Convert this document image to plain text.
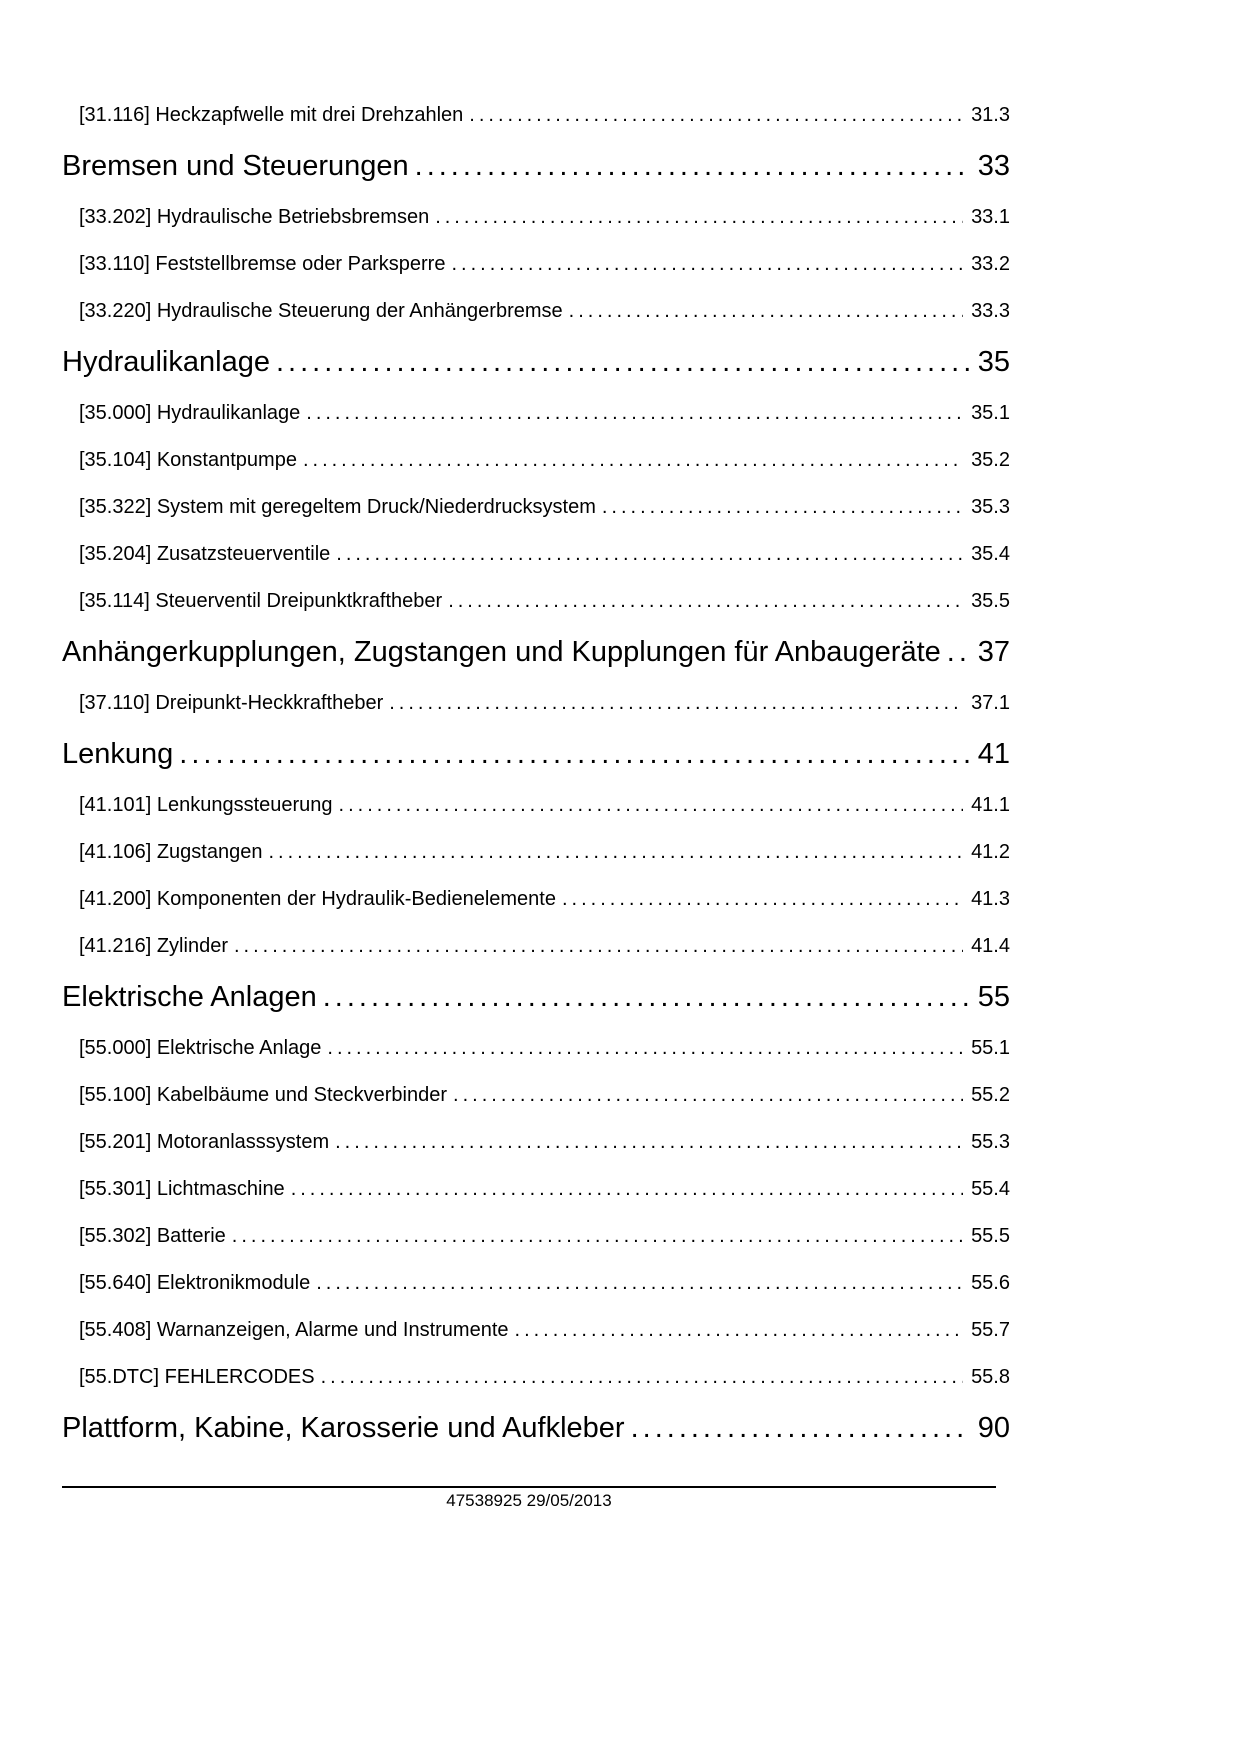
[31.116] Heckzapfwelle mit drei Drehzahlen .....	31.3
Bremsen und Steuerungen .....	33
[33.202] Hydraulische Betriebsbremsen .....	33.1
[33.110] Feststellbremse oder Parksperre .....	33.2
[33.220] Hydraulische Steuerung der Anhängerbremse .....	33.3
Hydraulikanlage .....	35
[35.000] Hydraulikanlage .....	35.1
[35.104] Konstantpumpe .....	35.2
[35.322] System mit geregeltem Druck/Niederdrucksystem .....	35.3
[35.204] Zusatzsteuerventile .....	35.4
[35.114] Steuerventil Dreipunktkraftheber .....	35.5
Anhängerkupplungen, Zugstangen und Kupplungen für Anbaugeräte ..... 37
[37.110] Dreipunkt-Heckkraftheber .....	37.1
Lenkung .....	41
[41.101] Lenkungssteuerung .....	41.1
[41.106] Zugstangen .....	41.2
[41.200] Komponenten der Hydraulik-Bedienelemente .....	41.3
[41.216] Zylinder .....	41.4
Elektrische Anlagen .....	55
[55.000] Elektrische Anlage .....	55.1
[55.100] Kabelbäume und Steckverbinder .....	55.2
[55.201] Motoranlasssystem .....	55.3
[55.301] Lichtmaschine .....	55.4
[55.302] Batterie .....	55.5
[55.640] Elektronikmodule .....	55.6
[55.408] Warnanzeigen, Alarme und Instrumente .....	55.7
[55.DTC] FEHLERCODES .....	55.8
Plattform, Kabine, Karosserie und Aufkleber .....	90
47538925 29/05/2013
